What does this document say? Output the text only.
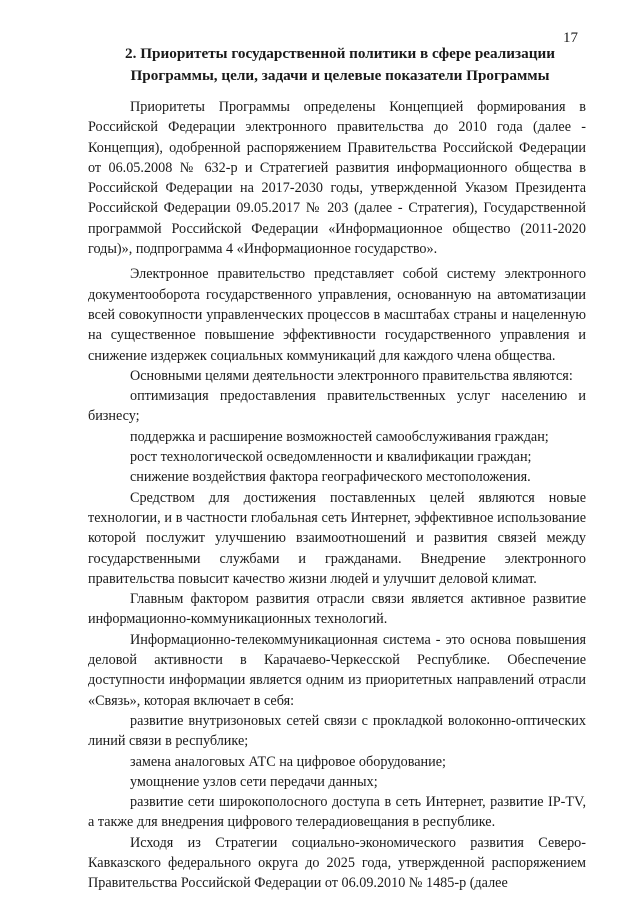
17

2. Приоритеты государственной политики в сфере реализации

Программы, цели, задачи и целевые показатели Программы

Приоритеты Программы определены Концепцией формирования в Российской Федерации электронного правительства до 2010 года (далее - Концепция), одобренной распоряжением Правительства Российской Федерации от 06.05.2008 № 632-р и Стратегией развития информационного общества в Российской Федерации на 2017-2030 годы, утвержденной Указом Президента Российской Федерации 09.05.2017 № 203 (далее - Стратегия), Государственной программой Российской Федерации «Информационное общество (2011-2020 годы)», подпрограмма 4 «Информационное государство».

Электронное правительство представляет собой систему электронного документооборота государственного управления, основанную на автоматизации всей совокупности управленческих процессов в масштабах страны и нацеленную на существенное повышение эффективности государственного управления и снижение издержек социальных коммуникаций для каждого члена общества.

Основными целями деятельности электронного правительства являются:

оптимизация предоставления правительственных услуг населению и бизнесу;

поддержка и расширение возможностей самообслуживания граждан;

рост технологической осведомленности и квалификации граждан;

снижение воздействия фактора географического местоположения.

Средством для достижения поставленных целей являются новые технологии, и в частности глобальная сеть Интернет, эффективное использование которой послужит улучшению взаимоотношений и развития связей между государственными службами и гражданами. Внедрение электронного правительства повысит качество жизни людей и улучшит деловой климат.

Главным фактором развития отрасли связи является активное развитие информационно-коммуникационных технологий.

Информационно-телекоммуникационная система - это основа повышения деловой активности в Карачаево-Черкесской Республике. Обеспечение доступности информации является одним из приоритетных направлений отрасли «Связь», которая включает в себя:

развитие внутризоновых сетей связи с прокладкой волоконно-оптических линий связи в республике;

замена аналоговых АТС на цифровое оборудование;

умощнение узлов сети передачи данных;

развитие сети широкополосного доступа в сеть Интернет, развитие IP-TV, а также для внедрения цифрового телерадиовещания в республике.

Исходя из Стратегии социально-экономического развития Северо-Кавказского федерального округа до 2025 года, утвержденной распоряжением Правительства Российской Федерации от 06.09.2010 № 1485-р (далее
